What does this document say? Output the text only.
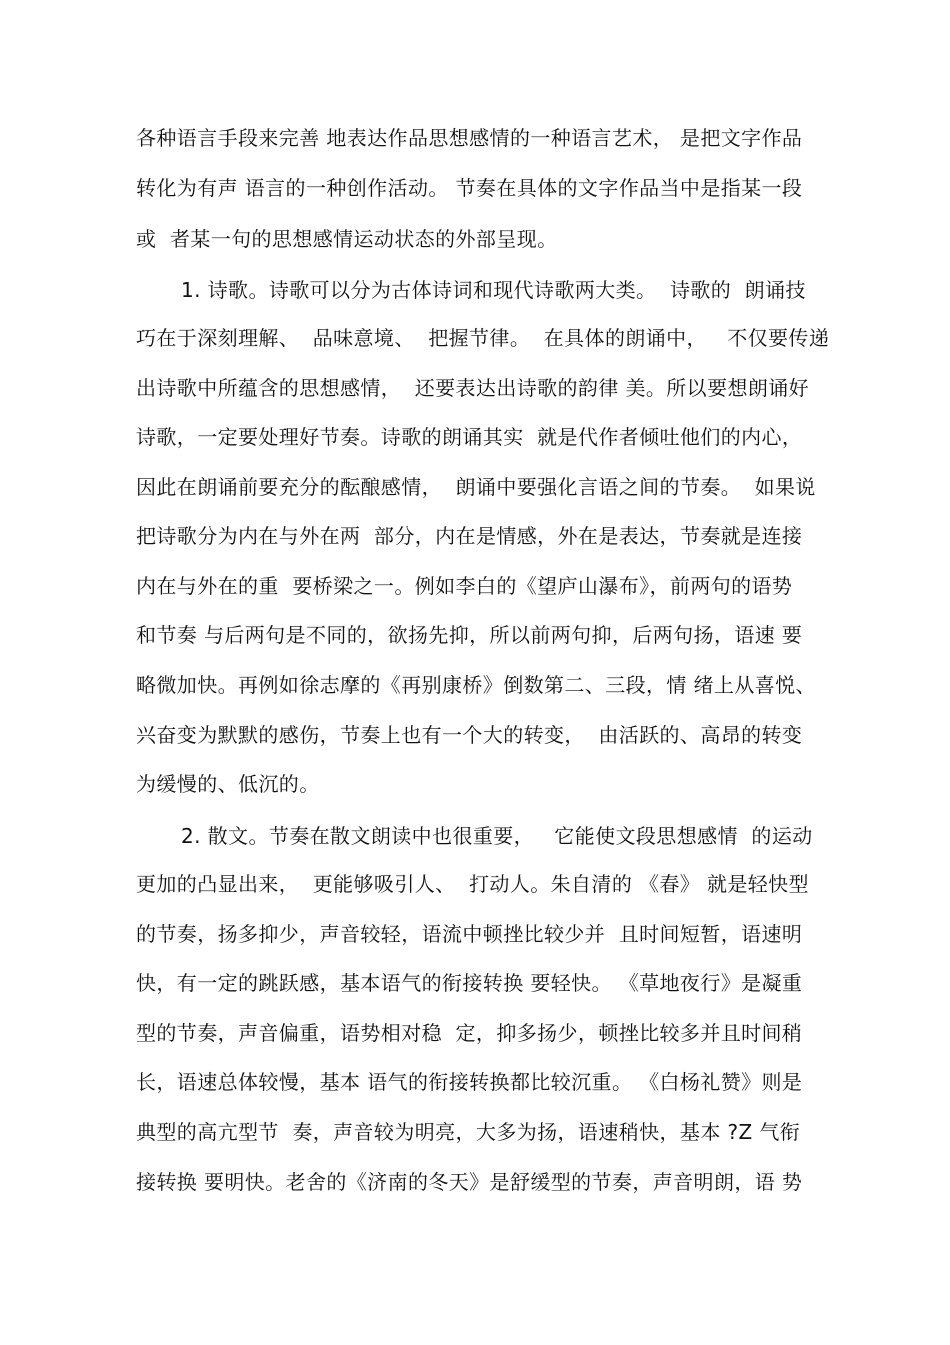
各种语言手段来完善 地表达作品思想感情的一种语言艺术， 是把文字作品
转化为有声 语言的一种创作活动。 节奏在具体的文字作品当中是指某一段
或  者某一句的思想感情运动状态的外部呈现。
1. 诗歌。诗歌可以分为古体诗词和现代诗歌两大类。  诗歌的  朗诵技
巧在于深刻理解、  品味意境、  把握节律。  在具体的朗诵中，   不仅要传递
出诗歌中所蕴含的思想感情，  还要表达出诗歌的韵律 美。所以要想朗诵好
诗歌，一定要处理好节奏。诗歌的朗诵其实  就是代作者倾吐他们的内心，
因此在朗诵前要充分的酝酿感情，  朗诵中要强化言语之间的节奏。  如果说
把诗歌分为内在与外在两  部分，内在是情感，外在是表达，节奏就是连接
内在与外在的重  要桥梁之一。例如李白的《望庐山瀑布》，前两句的语势
和节奏 与后两句是不同的，欲扬先抑，所以前两句抑，后两句扬，语速 要
略微加快。再例如徐志摩的《再别康桥》倒数第二、三段，情 绪上从喜悦、
兴奋变为默默的感伤，节奏上也有一个大的转变，  由活跃的、高昂的转变
为缓慢的、低沉的。
2. 散文。节奏在散文朗读中也很重要，   它能使文段思想感情  的运动
更加的凸显出来，  更能够吸引人、  打动人。朱自清的 《春》 就是轻快型
的节奏，扬多抑少，声音较轻，语流中顿挫比较少并  且时间短暂，语速明
快，有一定的跳跃感，基本语气的衔接转换 要轻快。 《草地夜行》是凝重
型的节奏，声音偏重，语势相对稳  定，抑多扬少，顿挫比较多并且时间稍
长，语速总体较慢，基本 语气的衔接转换都比较沉重。 《白杨礼赞》则是
典型的高亢型节  奏，声音较为明亮，大多为扬，语速稍快，基本 ?Z 气衔
接转换 要明快。老舍的《济南的冬天》是舒缓型的节奏，声音明朗，语 势
